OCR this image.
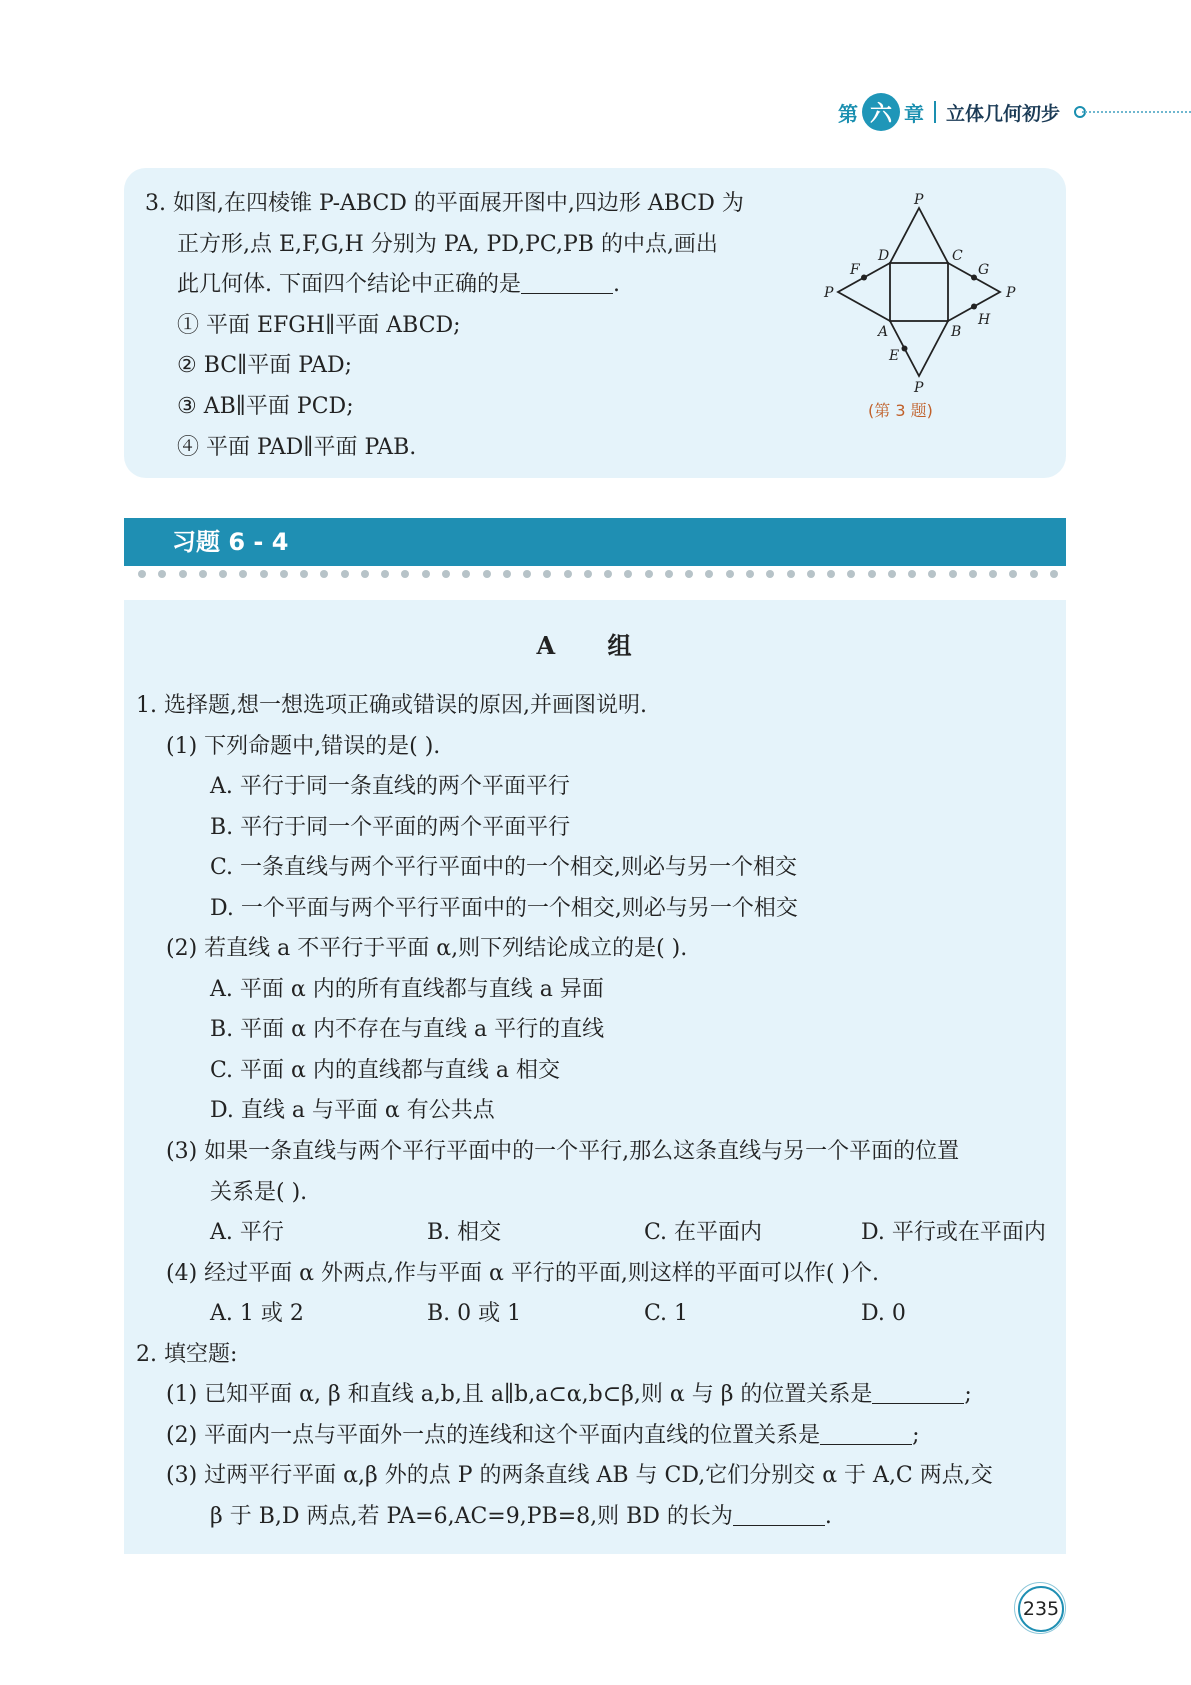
第 六 章 立体几何初步
3. 如图,在四棱锥 P-ABCD 的平面展开图中,四边形 ABCD 为
正方形,点 E,F,G,H 分别为 PA, PD,PC,PB 的中点,画出
此几何体. 下面四个结论中正确的是	.
① 平面 EFGH∥平面 ABCD;
② BC∥平面 PAD;
③ AB∥平面 PCD;
④ 平面 PAD∥平面 PAB.
P
D	C
F	G
P	P
A	B
H
E
P
(第 3 题)
习题 6 - 4
A 组
1. 选择题,想一想选项正确或错误的原因,并画图说明.
(1) 下列命题中,错误的是( ).
A. 平行于同一条直线的两个平面平行
B. 平行于同一个平面的两个平面平行
C. 一条直线与两个平行平面中的一个相交,则必与另一个相交
D. 一个平面与两个平行平面中的一个相交,则必与另一个相交
(2) 若直线 a 不平行于平面 α,则下列结论成立的是( ).
A. 平面 α 内的所有直线都与直线 a 异面
B. 平面 α 内不存在与直线 a 平行的直线
C. 平面 α 内的直线都与直线 a 相交
D. 直线 a 与平面 α 有公共点
(3) 如果一条直线与两个平行平面中的一个平行,那么这条直线与另一个平面的位置
关系是( ).
A. 平行	B. 相交	C. 在平面内	D. 平行或在平面内
(4) 经过平面 α 外两点,作与平面 α 平行的平面,则这样的平面可以作( )个.
A. 1 或 2	B. 0 或 1	C. 1	D. 0
2. 填空题:
(1) 已知平面 α, β 和直线 a,b,且 a∥b,a⊂α,b⊂β,则 α 与 β 的位置关系是	;
(2) 平面内一点与平面外一点的连线和这个平面内直线的位置关系是	;
(3) 过两平行平面 α,β 外的点 P 的两条直线 AB 与 CD,它们分别交 α 于 A,C 两点,交
β 于 B,D 两点,若 PA=6,AC=9,PB=8,则 BD 的长为	.
235
